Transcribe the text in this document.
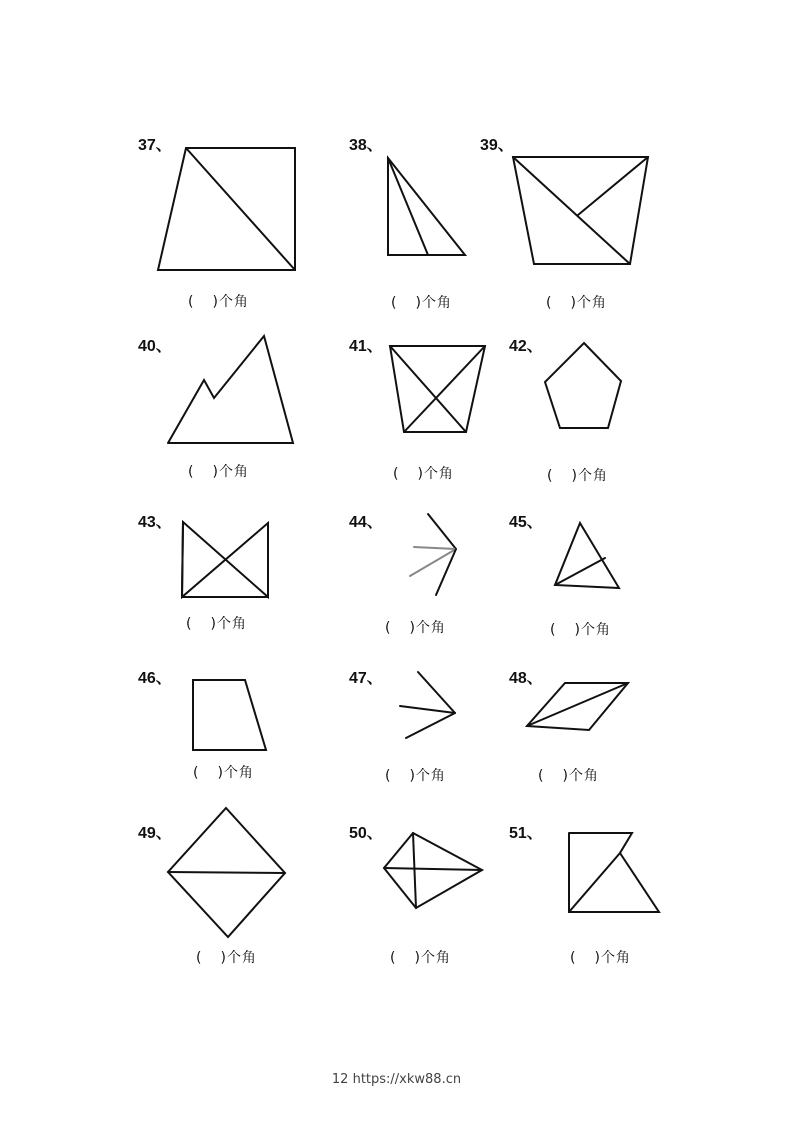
37、	38、	39、
40、	41、	42、
43、	44、	45、
46、	47、	48、
49、	50、	51、
( )个角	( )个角	( )个角
( )个角	( )个角	( )个角
( )个角	( )个角	( )个角
( )个角	( )个角	( )个角
( )个角	( )个角	( )个角
12 https://xkw88.cn
